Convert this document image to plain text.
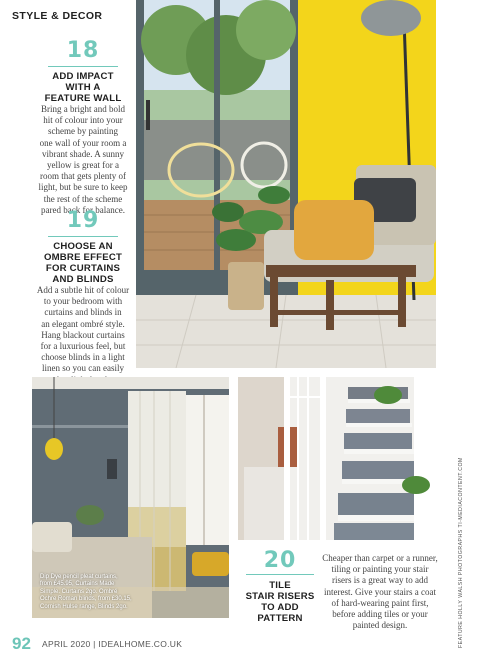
STYLE & DECOR
18
ADD IMPACT
WITH A
FEATURE WALL
Bring a bright and bold
hit of colour into your
scheme by painting
one wall of your room a
vibrant shade. A sunny
yellow is great for a
room that gets plenty of
light, but be sure to keep
the rest of the scheme
pared back for balance.
19
CHOOSE AN
OMBRE EFFECT
FOR CURTAINS
AND BLINDS
Add a subtle hit of colour
to your bedroom with
curtains and blinds in
an elegant ombré style.
Hang blackout curtains
for a luxurious feel, but
choose blinds in a light
linen so you can easily
Dip Dye pencil pleat curtains,
from £45.95, Curtains Made
Simple. Curtains 2go. Ombré
Ochre Roman blinds, from £30.15,
Cornish Hulse range, Blinds 2go.
20
TILE
STAIR RISERS
TO ADD
PATTERN
Cheaper than carpet or a runner,
tiling or painting your stair
risers is a great way to add
interest. Give your stairs a coat
of hard-wearing paint first,
before adding tiles or your
painted design.	FEATURE HOLLY WALSH PHOTOGRAPHS TI-MEDIACONTENT.COM
92 APRIL 2020 | IDEALHOME.CO.UK
